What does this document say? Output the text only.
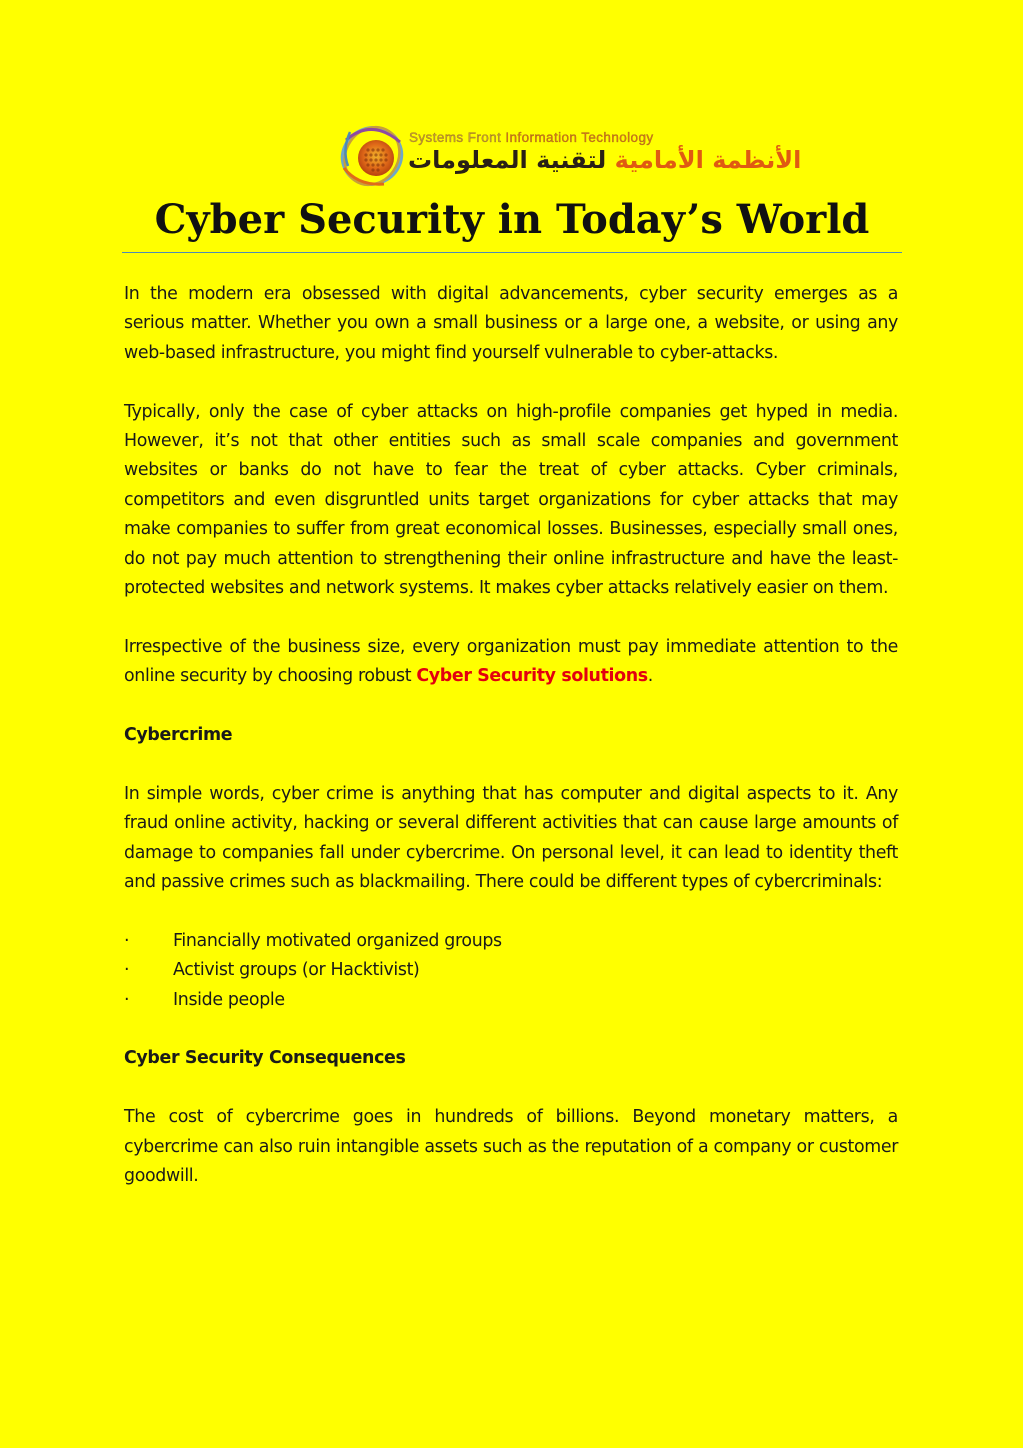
Systems Front Information Technology
الأنظمة الأمامية لتقنية المعلومات
Cyber Security in Today’s World

In the modern era obsessed with digital advancements, cyber security emerges as a serious matter. Whether you own a small business or a large one, a website, or using any web-based infrastructure, you might find yourself vulnerable to cyber-attacks.

Typically, only the case of cyber attacks on high-profile companies get hyped in media. However, it’s not that other entities such as small scale companies and government websites or banks do not have to fear the treat of cyber attacks. Cyber criminals, competitors and even disgruntled units target organizations for cyber attacks that may make companies to suffer from great economical losses. Businesses, especially small ones, do not pay much attention to strengthening their online infrastructure and have the least-protected websites and network systems. It makes cyber attacks relatively easier on them.

Irrespective of the business size, every organization must pay immediate attention to the online security by choosing robust Cyber Security solutions.

Cybercrime

In simple words, cyber crime is anything that has computer and digital aspects to it. Any fraud online activity, hacking or several different activities that can cause large amounts of damage to companies fall under cybercrime. On personal level, it can lead to identity theft and passive crimes such as blackmailing. There could be different types of cybercriminals:

·	Financially motivated organized groups
·	Activist groups (or Hacktivist)
·	Inside people
Cyber Security Consequences

The cost of cybercrime goes in hundreds of billions. Beyond monetary matters, a cybercrime can also ruin intangible assets such as the reputation of a company or customer goodwill.
